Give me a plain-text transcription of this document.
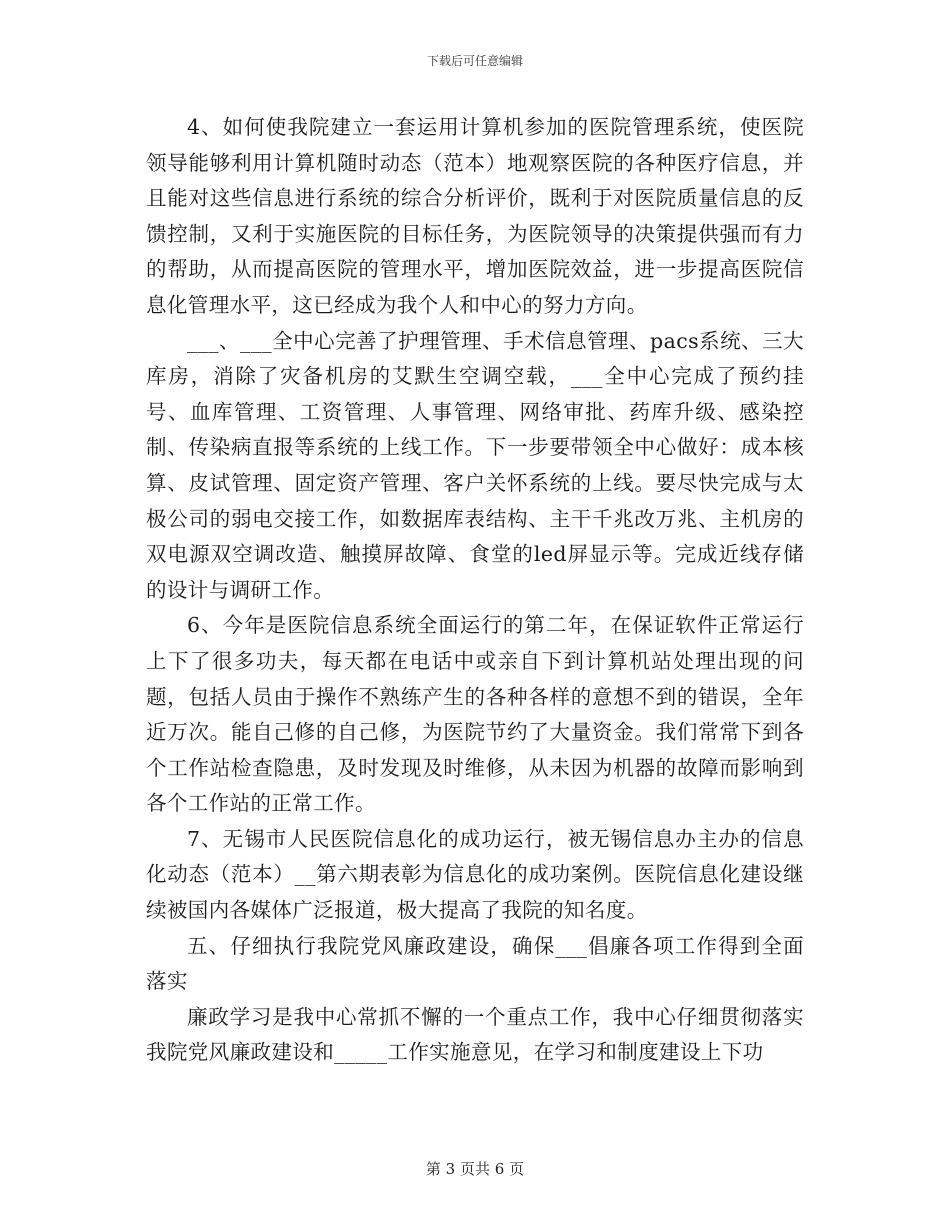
下载后可任意编辑

4、如何使我院建立一套运用计算机参加的医院管理系统，使医院领导能够利用计算机随时动态（范本）地观察医院的各种医疗信息，并且能对这些信息进行系统的综合分析评价，既利于对医院质量信息的反馈控制，又利于实施医院的目标任务，为医院领导的决策提供强而有力的帮助，从而提高医院的管理水平，增加医院效益，进一步提高医院信息化管理水平，这已经成为我个人和中心的努力方向。

___、___全中心完善了护理管理、手术信息管理、pacs系统、三大库房，消除了灾备机房的艾默生空调空载，___全中心完成了预约挂号、血库管理、工资管理、人事管理、网络审批、药库升级、感染控制、传染病直报等系统的上线工作。下一步要带领全中心做好：成本核算、皮试管理、固定资产管理、客户关怀系统的上线。要尽快完成与太极公司的弱电交接工作，如数据库表结构、主干千兆改万兆、主机房的双电源双空调改造、触摸屏故障、食堂的led屏显示等。完成近线存储的设计与调研工作。

6、今年是医院信息系统全面运行的第二年，在保证软件正常运行上下了很多功夫，每天都在电话中或亲自下到计算机站处理出现的问题，包括人员由于操作不熟练产生的各种各样的意想不到的错误，全年近万次。能自己修的自己修，为医院节约了大量资金。我们常常下到各个工作站检查隐患，及时发现及时维修，从未因为机器的故障而影响到各个工作站的正常工作。

7、无锡市人民医院信息化的成功运行，被无锡信息办主办的信息化动态（范本）__第六期表彰为信息化的成功案例。医院信息化建设继续被国内各媒体广泛报道，极大提高了我院的知名度。

五、仔细执行我院党风廉政建设，确保___倡廉各项工作得到全面落实

廉政学习是我中心常抓不懈的一个重点工作，我中心仔细贯彻落实我院党风廉政建设和_____工作实施意见，在学习和制度建设上下功

第 3 页共 6 页
